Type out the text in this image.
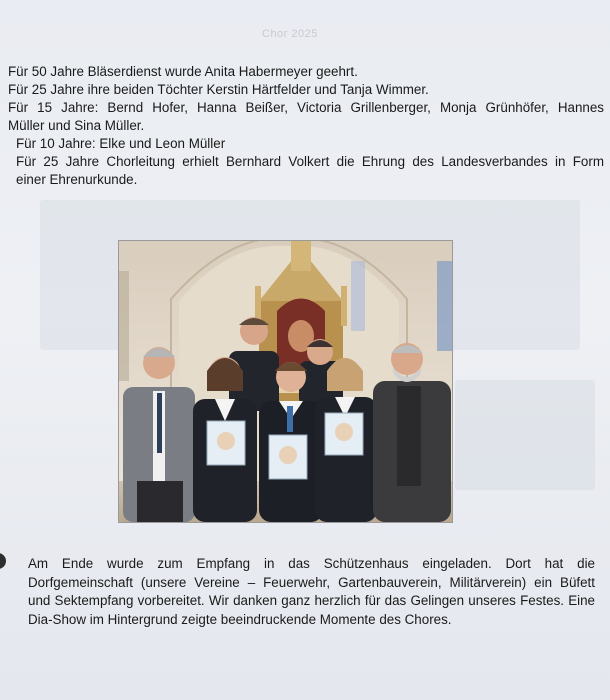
Chor 2025
Für 50 Jahre Bläserdienst wurde Anita Habermeyer geehrt.
Für 25 Jahre ihre beiden Töchter Kerstin Härtfelder und Tanja Wimmer.
Für 15 Jahre: Bernd Hofer, Hanna Beißer, Victoria Grillenberger, Monja Grünhöfer, Hannes
Müller und Sina Müller.
Für 10 Jahre: Elke und Leon Müller
Für 25 Jahre Chorleitung erhielt Bernhard Volkert die Ehrung des Landesverbandes in Form
einer Ehrenurkunde.
Am Ende wurde zum Empfang in das Schützenhaus eingeladen. Dort hat die
Dorfgemeinschaft (unsere Vereine – Feuerwehr, Gartenbauverein, Militärverein) ein Büfett
und Sektempfang vorbereitet. Wir danken ganz herzlich für das Gelingen unseres Festes. Eine
Dia-Show im Hintergrund zeigte beeindruckende Momente des Chores.
